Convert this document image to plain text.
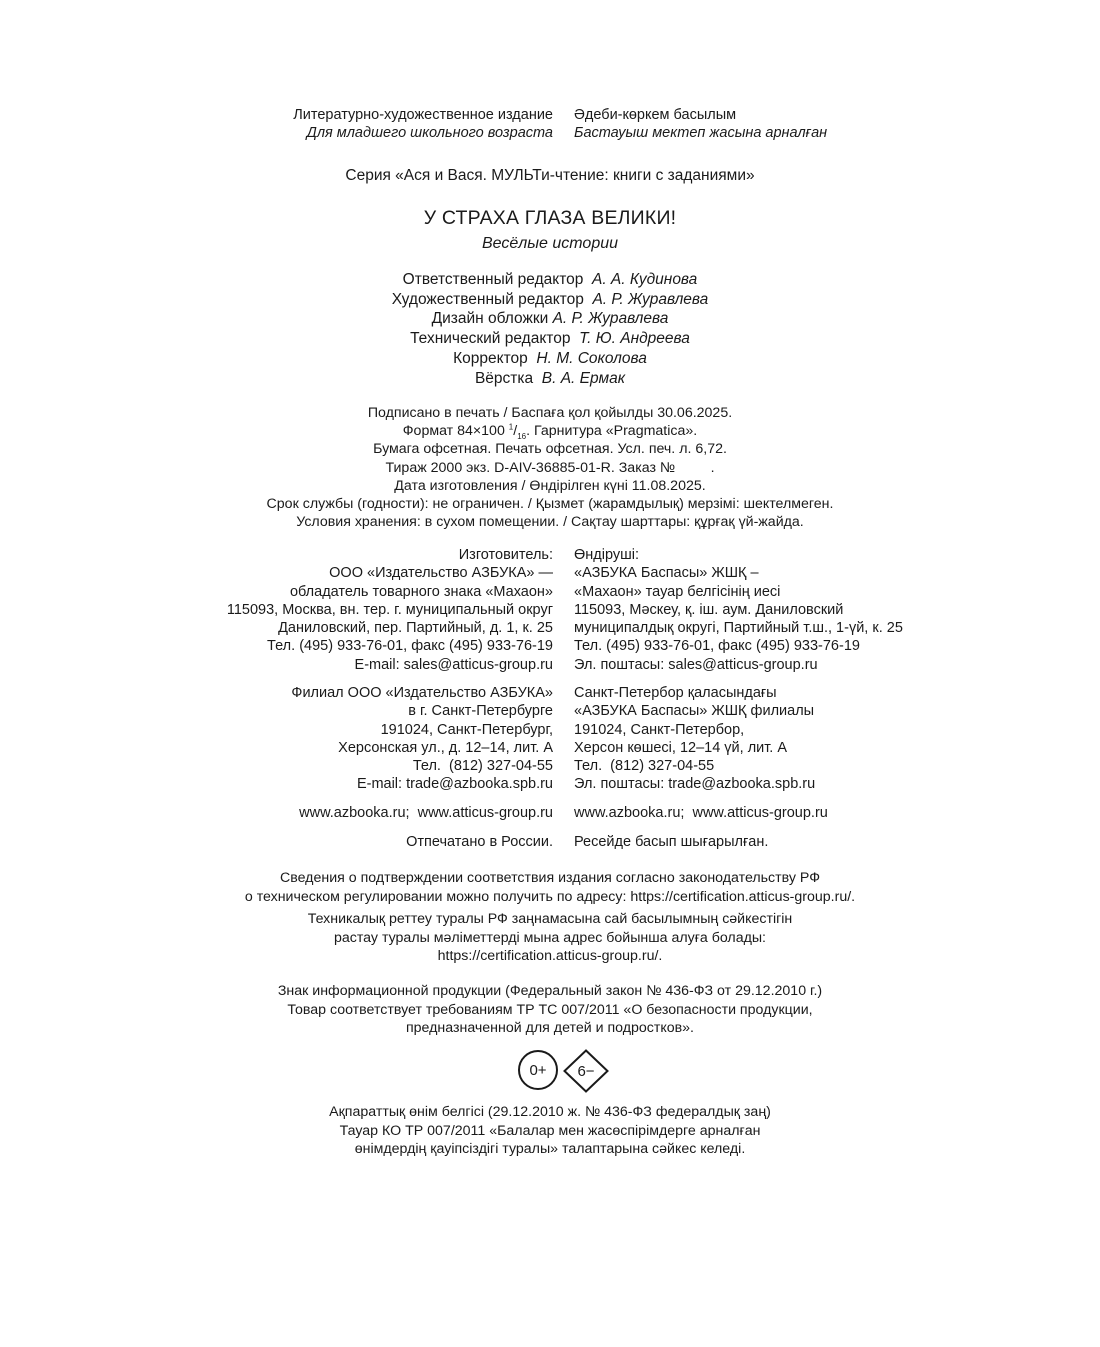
Литературно-художественное издание
Для младшего школьного возраста
Әдеби-көркем басылым
Бастауыш мектеп жасына арналған
Серия «Ася и Вася. МУЛЬТи-чтение: книги с заданиями»
У СТРАХА ГЛАЗА ВЕЛИКИ!
Весёлые истории
Ответственный редактор А. А. Кудинова
Художественный редактор А. Р. Журавлева
Дизайн обложки А. Р. Журавлева
Технический редактор Т. Ю. Андреева
Корректор Н. М. Соколова
Вёрстка В. А. Ермак
Подписано в печать / Баспаға қол қойылды 30.06.2025.
Формат 84×100 $^1/_{16}$. Гарнитура «Pragmatica».
Бумага офсетная. Печать офсетная. Усл. печ. л. 6,72.
Тираж 2000 экз. D-AIV-36885-01-R. Заказ №         .
Дата изготовления / Өндірілген күні 11.08.2025.
Срок службы (годности): не ограничен. / Қызмет (жарамдылық) мерзімі: шектелмеген.
Условия хранения: в сухом помещении. / Сақтау шарттары: құрғақ үй-жайда.
Изготовитель:
ООО «Издательство АЗБУКА» —
обладатель товарного знака «Махаон»
115093, Москва, вн. тер. г. муниципальный округ
Даниловский, пер. Партийный, д. 1, к. 25
Тел. (495) 933-76-01, факс (495) 933-76-19
E-mail: sales@atticus-group.ru
Өндіруші:
«АЗБУКА Баспасы» ЖШҚ –
«Махаон» тауар белгісінің иесі
115093, Мәскеу, қ. іш. аум. Даниловский
муниципалдық округі, Партийный т.ш., 1-үй, к. 25
Тел. (495) 933-76-01, факс (495) 933-76-19
Эл. поштасы: sales@atticus-group.ru
Филиал ООО «Издательство АЗБУКА»
в г. Санкт-Петербурге
191024, Санкт-Петербург,
Херсонская ул., д. 12–14, лит. А
Тел.  (812) 327-04-55
E-mail: trade@azbooka.spb.ru
Санкт-Петербор қаласындағы
«АЗБУКА Баспасы» ЖШҚ филиалы
191024, Санкт-Петербор,
Херсон көшесі, 12–14 үй, лит. А
Тел.  (812) 327-04-55
Эл. поштасы: trade@azbooka.spb.ru
www.azbooka.ru;  www.atticus-group.ru www.azbooka.ru;  www.atticus-group.ru
Отпечатано в России. Ресейде басып шығарылған.
Сведения о подтверждении соответствия издания согласно законодательству РФ
о техническом регулировании можно получить по адресу: https://certification.atticus-group.ru/.
Техникалық реттеу туралы РФ заңнамасына сай басылымның сәйкестігін
растау туралы мәліметтерді мына адрес бойынша алуға болады:
https://certification.atticus-group.ru/.
Знак информационной продукции (Федеральный закон № 436-ФЗ от 29.12.2010 г.)
Товар соответствует требованиям ТР ТС 007/2011 «О безопасности продукции,
предназначенной для детей и подростков».
0+	6−
Ақпараттық өнім белгісі (29.12.2010 ж. № 436-ФЗ федералдық заң)
Тауар КО ТР 007/2011 «Балалар мен жасөспірімдерге арналған
өнімдердің қауіпсіздігі туралы» талаптарына сәйкес келеді.
